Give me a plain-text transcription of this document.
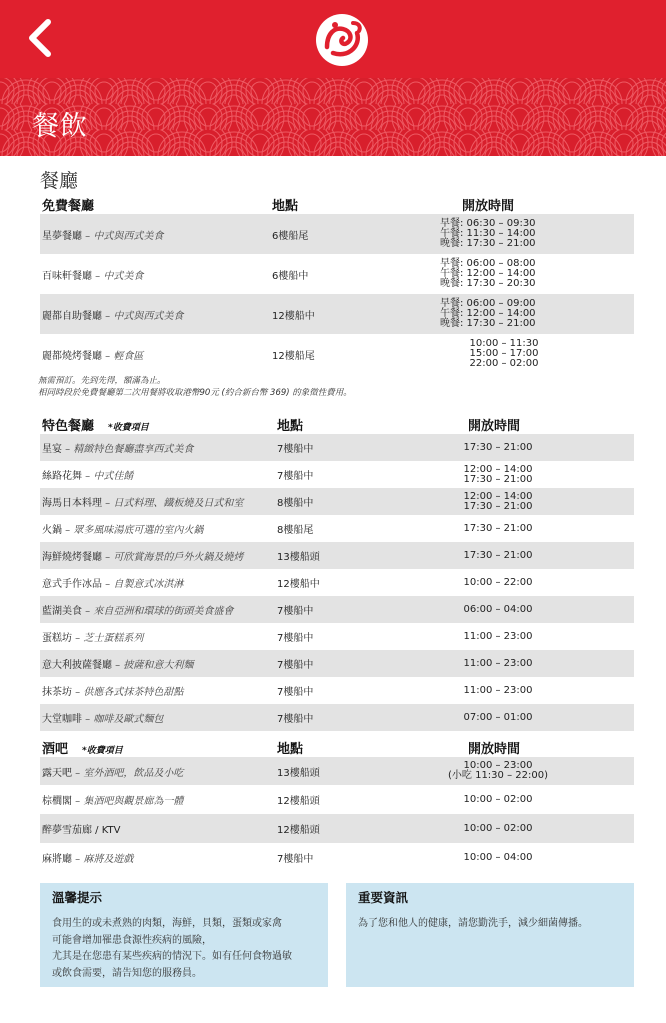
餐飲
餐廳
免費餐廳	地點	開放時間
星夢餐廳 – 中式與西式美食	6樓船尾
早餐: 06:30 – 09:30
午餐: 11:30 – 14:00
晚餐: 17:30 – 21:00
百味軒餐廳 – 中式美食	6樓船中
早餐: 06:00 – 08:00
午餐: 12:00 – 14:00
晚餐: 17:30 – 20:30
麗都自助餐廳 – 中式與西式美食	12樓船中
早餐: 06:00 – 09:00
午餐: 12:00 – 14:00
晚餐: 17:30 – 21:00
麗都燒烤餐廳 – 輕食區	12樓船尾
10:00 – 11:30
15:00 – 17:00
22:00 – 02:00
無需預訂。先到先得，額滿為止。
相同時段於免費餐廳第二次用餐將收取港幣90元 (約合新台幣 369) 的象徵性費用。
特色餐廳 *收費項目	地點	開放時間
星宴 – 精緻特色餐廳盡享西式美食	7樓船中	17:30 – 21:00
絲路花舞 – 中式佳餚	7樓船中
12:00 – 14:00
17:30 – 21:00
海馬日本料理 – 日式料理、鐵板燒及日式和室	8樓船中
12:00 – 14:00
17:30 – 21:00
火鍋 – 眾多風味湯底可選的室內火鍋	8樓船尾	17:30 – 21:00
海鮮燒烤餐廳 – 可欣賞海景的戶外火鍋及燒烤	13樓船頭	17:30 – 21:00
意式手作冰品 – 自製意式冰淇淋	12樓船中	10:00 – 22:00
藍湖美食 – 來自亞洲和環球的街頭美食盛會	7樓船中	06:00 – 04:00
蛋糕坊 – 芝士蛋糕系列	7樓船中	11:00 – 23:00
意大利披薩餐廳 – 披薩和意大利麵	7樓船中	11:00 – 23:00
抹茶坊 – 供應各式抹茶特色甜點	7樓船中	11:00 – 23:00
大堂咖啡 – 咖啡及歐式麵包	7樓船中	07:00 – 01:00
酒吧 *收費項目	地點	開放時間
露天吧 – 室外酒吧，飲品及小吃	13樓船頭
10:00 – 23:00
(小吃 11:30 – 22:00)
棕櫚閣 – 集酒吧與觀景廊為一體	12樓船頭	10:00 – 02:00
醉夢雪茄廊 / KTV	12樓船頭	10:00 – 02:00
麻將廳 – 麻將及遊戲	7樓船中	10:00 – 04:00
溫馨提示

食用生的或未煮熟的肉類，海鮮，貝類，蛋類或家禽
可能會增加罹患食源性疾病的風險，
尤其是在您患有某些疾病的情況下。如有任何食物過敏
或飲食需要，請告知您的服務員。

重要資訊

為了您和他人的健康，請您勤洗手，減少細菌傳播。
